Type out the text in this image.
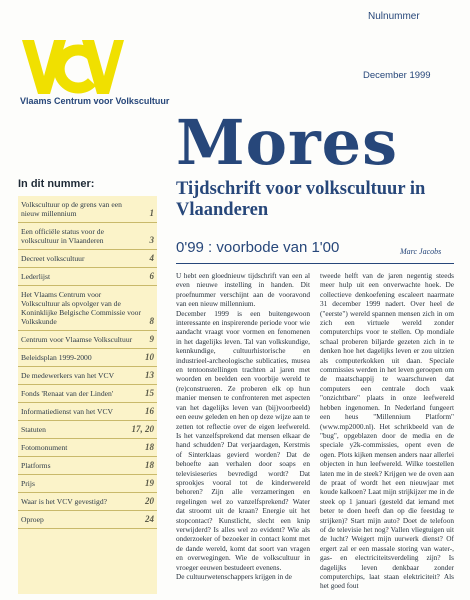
Nulnummer
Vlaams Centrum voor Volkscultuur
December 1999
Mores
Tijdschrift voor volkscultuur in Vlaanderen
In dit nummer:
Volkscultuur op de grens van een nieuw millennium	1
Een officiële status voor de volkscultuur in Vlaanderen	3
Decreet volkscultuur	4
Lederlijst	6
Het Vlaams Centrum voor Volkscultuur als opvolger van de Koninklijke Belgische Commissie voor Volkskunde	8
Centrum voor Vlaamse Volkscultuur 9
Beleidsplan 1999-2000	10
De medewerkers van het VCV	13
Fonds 'Renaat van der Linden'	15
Informatiedienst van het VCV	16
Statuten	17, 20
Fotomonument	18
Platforms	18
Prijs	19
Waar is het VCV gevestigd?	20
Oproep	24
0'99 : voorbode van 1'00	Marc Jacobs

U hebt een gloednieuw tijdschrift van een al even nieuwe instelling in handen. Dit proefnummer verschijnt aan de vooravond van een nieuw millennium.
December 1999 is een buitengewoon interessante en inspirerende periode voor wie aandacht vraagt voor vormen en fenomenen in het dagelijks leven. Tal van volkskundige, kennkundige, cultuurhistorische en industrieel-archeologische sublicaties, musea en tentoonstellingen trachten al jaren met woorden en beelden een voorbije wereld te (re)construeren. Ze proberen elk op hun manier mensen te confronteren met aspecten van het dagelijks leven van (bij)voorbeeld) een eeuw geleden en hen op deze wijze aan te zetten tot reflectie over de eigen leefwereld. Is het vanzelfsprekend dat mensen elkaar de hand schudden? Dat verjaardagen, Kerstmis of Sinterklaas gevierd worden? Dat de behoefte aan verhalen door soaps en televisieseries bevredigd wordt? Dat sprookjes vooral tot de kinderwereld behoren? Zijn alle verzameringen en regelingen wel zo vanzelfsprekend? Water dat stroomt uit de kraan? Energie uit het stopcontact? Kunstlicht, slecht een knip verwijderd? Is alles wel zo evident? Wie als onderzoeker of bezoeker in contact komt met de dande wereld, komt dat soort van vragen en overwegingen. Wie de volkscultuur in vroeger eeuwen bestudeert evenens.
De cultuurwetenschappers krijgen in de

tweede helft van de jaren negentig steeds meer hulp uit een onverwachte hoek. De collectieve denkoefening escaleert naarmate 31 december 1999 nadert. Over heel de ("eerste") wereld spannen mensen zich in om zich een virtuele wereld zonder computerchips voor te stellen. Op mondiale schaal proberen biljarde gezeten zich in te denken hoe het dagelijks leven er zou uitzien als computerkokken uit daan. Speciale commissies werden in het leven geroepen om de maatschappij te waarschuwen dat computers een centrale doch vaak "onzichtbare" plaats in onze leefwereld hebben ingenomen. In Nederland fungeert een heus "Millennium Platform" (www.mp2000.nl). Het schrikbeeld van de "bug", opgeblazen door de media en de speciale y2k-commissies, opent even de ogen. Plots kijken mensen anders naar allerlei objecten in hun leefwereld. Wilke toestellen laten me in de steek? Krijgen we de oven aan de praat of wordt het een nieuwjaar met koude kalkoen? Laat mijn strijkijzer me in de steek op 1 januari (gesteld dat iemand met beter te doen heeft dan op die feestdag te strijken)? Start mijn auto? Doet de telefoon of de televisie het nog? Vallen vliegtuigen uit de lucht? Weigert mijn uurwerk dienst? Of ergert zal er een massale storing van water-, gas- en electriciteitsverdeling zijn? Is dagelijks leven denkbaar zonder computerchips, laat staan elektriciteit? Als het goed fout
